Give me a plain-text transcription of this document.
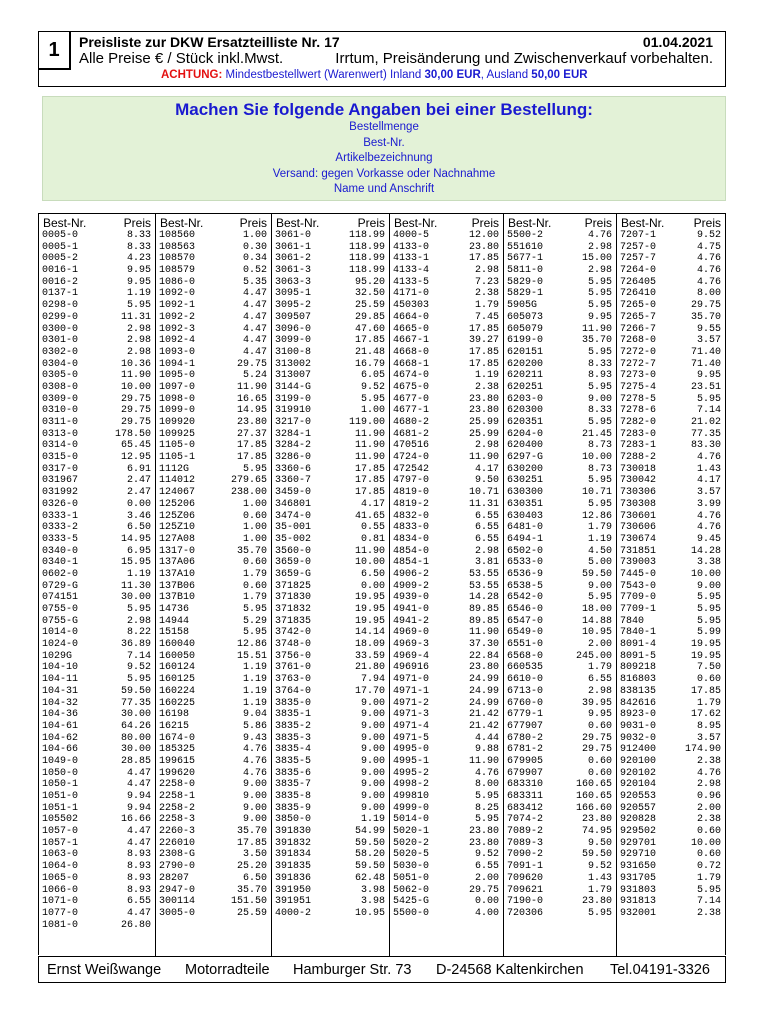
1	Preisliste zur DKW Ersatzteilliste Nr. 17	01.04.2021
Alle Preise € / Stück inkl.Mwst.	Irrtum, Preisänderung und Zwischenverkauf vorbehalten.
ACHTUNG: Mindestbestellwert (Warenwert) Inland 30,00 EUR, Ausland 50,00 EUR
Machen Sie folgende Angaben bei einer Bestellung:
Bestellmenge
Best-Nr.
Artikelbezeichnung
Versand: gegen Vorkasse oder Nachnahme
Name und Anschrift
Best-Nr.	Preis
0005-0	8.33
0005-1	8.33
0005-2	4.23
0016-1	9.95
0016-2	9.95
0137-1	1.19
0298-0	5.95
0299-0	11.31
0300-0	2.98
0301-0	2.98
0302-0	2.98
0304-0	10.36
0305-0	11.90
0308-0	10.00
0309-0	29.75
0310-0	29.75
0311-0	29.75
0313-0	178.50
0314-0	65.45
0315-0	12.95
0317-0	6.91
031967	2.47
031992	2.47
0326-0	0.00
0333-1	3.46
0333-2	6.50
0333-5	14.95
0340-0	6.95
0340-1	15.95
0602-0	1.19
0729-G	11.30
074151	30.00
0755-0	5.95
0755-G	2.98
1014-0	8.22
1024-0	36.89
1029G	7.14
104-10	9.52
104-11	5.95
104-31	59.50
104-32	77.35
104-36	30.00
104-61	64.26
104-62	80.00
104-66	30.00
1049-0	28.85
1050-0	4.47
1050-1	4.47
1051-0	9.94
1051-1	9.94
105502	16.66
1057-0	4.47
1057-1	4.47
1063-0	8.93
1064-0	8.93
1065-0	8.93
1066-0	8.93
1071-0	6.55
1077-0	4.47
1081-0	26.80
Best-Nr.	Preis
108560	1.00
108563	0.30
108570	0.34
108579	0.52
1086-0	5.35
1092-0	4.47
1092-1	4.47
1092-2	4.47
1092-3	4.47
1092-4	4.47
1093-0	4.47
1094-1	29.75
1095-0	5.24
1097-0	11.90
1098-0	16.65
1099-0	14.95
109920	23.80
109925	27.37
1105-0	17.85
1105-1	17.85
1112G	5.95
114012	279.65
124067	238.00
125206	1.00
125Z06	0.60
125Z10	1.00
127A08	1.00
1317-0	35.70
137A06	0.60
137A10	1.79
137B06	0.60
137B10	1.79
14736	5.95
14944	5.29
15158	5.95
160040	12.86
160050	15.51
160124	1.19
160125	1.19
160224	1.19
160225	1.19
16198	9.04
16215	5.86
1674-0	9.43
185325	4.76
199615	4.76
199620	4.76
2258-0	9.00
2258-1	9.00
2258-2	9.00
2258-3	9.00
2260-3	35.70
226010	17.85
2308-G	3.50
2790-0	25.20
28207	6.50
2947-0	35.70
300114	151.50
3005-0	25.59
Best-Nr.	Preis
3061-0	118.99
3061-1	118.99
3061-2	118.99
3061-3	118.99
3063-3	95.20
3095-1	32.50
3095-2	25.59
309507	29.85
3096-0	47.60
3099-0	17.85
3100-8	21.48
313002	16.79
313007	6.05
3144-G	9.52
3199-0	5.95
319910	1.00
3217-0	119.00
3284-1	11.90
3284-2	11.90
3286-0	11.90
3360-6	17.85
3360-7	17.85
3459-0	17.85
346801	4.17
3474-0	41.65
35-001	0.55
35-002	0.81
3560-0	11.90
3659-0	10.00
3659-G	6.50
371825	0.00
371830	19.95
371832	19.95
371835	19.95
3742-0	14.14
3748-0	18.09
3756-0	33.59
3761-0	21.80
3763-0	7.94
3764-0	17.70
3835-0	9.00
3835-1	9.00
3835-2	9.00
3835-3	9.00
3835-4	9.00
3835-5	9.00
3835-6	9.00
3835-7	9.00
3835-8	9.00
3835-9	9.00
3850-0	1.19
391830	54.99
391832	59.50
391834	58.20
391835	59.50
391836	62.48
391950	3.98
391951	3.98
4000-2	10.95
Best-Nr.	Preis
4000-5	12.00
4133-0	23.80
4133-1	17.85
4133-4	2.98
4133-5	7.23
4171-0	2.38
450303	1.79
4664-0	7.45
4665-0	17.85
4667-1	39.27
4668-0	17.85
4668-1	17.85
4674-0	1.19
4675-0	2.38
4677-0	23.80
4677-1	23.80
4680-2	25.99
4681-2	25.99
470516	2.98
4724-0	11.90
472542	4.17
4797-0	9.50
4819-0	10.71
4819-2	11.31
4832-0	6.55
4833-0	6.55
4834-0	6.55
4854-0	2.98
4854-1	3.81
4906-2	53.55
4909-2	53.55
4939-0	14.28
4941-0	89.85
4941-2	89.85
4969-0	11.90
4969-3	37.30
4969-4	22.84
496916	23.80
4971-0	24.99
4971-1	24.99
4971-2	24.99
4971-3	21.42
4971-4	21.42
4971-5	4.44
4995-0	9.88
4995-1	11.90
4995-2	4.76
4998-2	8.00
499810	5.95
4999-0	8.25
5014-0	5.95
5020-1	23.80
5020-2	23.80
5020-5	9.52
5030-0	6.55
5051-0	2.00
5062-0	29.75
5425-G	0.00
5500-0	4.00
Best-Nr.	Preis
5500-2	4.76
551610	2.98
5677-1	15.00
5811-0	2.98
5829-0	5.95
5829-1	5.95
5905G	5.95
605073	9.95
605079	11.90
6199-0	35.70
620151	5.95
620200	8.33
620211	8.93
620251	5.95
6203-0	9.00
620300	8.33
620351	5.95
6204-0	21.45
620400	8.73
6297-G	10.00
630200	8.73
630251	5.95
630300	10.71
630351	5.95
630403	12.86
6481-0	1.79
6494-1	1.19
6502-0	4.50
6533-0	5.00
6536-9	59.50
6538-5	9.00
6542-0	5.95
6546-0	18.00
6547-0	14.88
6549-0	10.95
6551-0	2.00
6568-0	245.00
660535	1.79
6610-0	6.55
6713-0	2.98
6760-0	39.95
6779-1	9.95
677907	0.60
6780-2	29.75
6781-2	29.75
679905	0.60
679907	0.60
683310	160.65
683311	160.65
683412	166.60
7074-2	23.80
7089-2	74.95
7089-3	9.50
7090-2	59.50
7091-1	9.52
709620	1.43
709621	1.79
7190-0	23.80
720306	5.95
Best-Nr. Preis
7207-1	9.52
7257-0	4.75
7257-7	4.76
7264-0	4.76
726405	4.76
726410	8.00
7265-0	29.75
7265-7	35.70
7266-7	9.55
7268-0	3.57
7272-0	71.40
7272-7	71.40
7273-0	9.95
7275-4	23.51
7278-5	5.95
7278-6	7.14
7282-0	21.02
7283-0	77.35
7283-1	83.30
7288-2	4.76
730018	1.43
730042	4.17
730306	3.57
730308	3.99
730601	4.76
730606	4.76
730674	9.45
731851	14.28
739003	3.38
7445-0	10.00
7543-0	9.00
7709-0	5.95
7709-1	5.95
7840	5.95
7840-1	5.99
8091-4	19.95
8091-5	19.95
809218	7.50
816803	0.60
838135	17.85
842616	1.79
8923-0	17.62
9031-0	8.95
9032-0	3.57
912400	174.90
920100	2.38
920102	4.76
920104	2.98
920553	0.96
920557	2.00
920828	2.38
929502	0.60
929701	10.00
929710	0.60
931650	0.72
931705	1.79
931803	5.95
931813	7.14
932001	2.38
Ernst Weißwange Motorradteile Hamburger Str. 73 D-24568 Kaltenkirchen Tel.04191-3326
